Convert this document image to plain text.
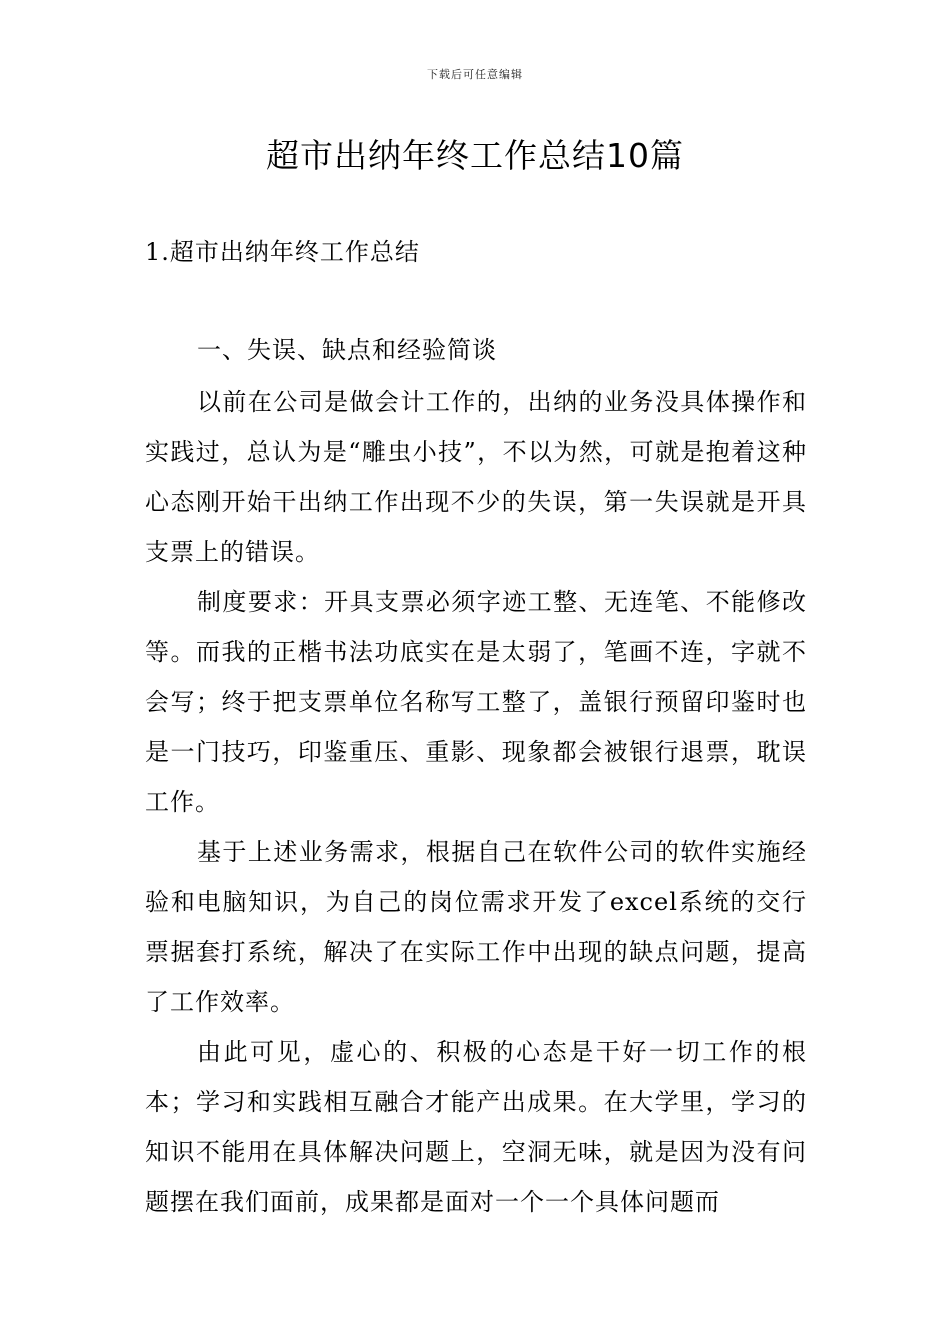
下载后可任意编辑
超市出纳年终工作总结10篇
1.超市出纳年终工作总结

一、失误、缺点和经验简谈

以前在公司是做会计工作的，出纳的业务没具体操作和实践过，总认为是“雕虫小技”，不以为然，可就是抱着这种心态刚开始干出纳工作出现不少的失误，第一失误就是开具支票上的错误。

制度要求：开具支票必须字迹工整、无连笔、不能修改等。而我的正楷书法功底实在是太弱了，笔画不连，字就不会写；终于把支票单位名称写工整了，盖银行预留印鉴时也是一门技巧，印鉴重压、重影、现象都会被银行退票，耽误工作。

基于上述业务需求，根据自己在软件公司的软件实施经验和电脑知识，为自己的岗位需求开发了excel系统的交行票据套打系统，解决了在实际工作中出现的缺点问题，提高了工作效率。

由此可见，虚心的、积极的心态是干好一切工作的根本；学习和实践相互融合才能产出成果。在大学里，学习的知识不能用在具体解决问题上，空洞无味，就是因为没有问题摆在我们面前，成果都是面对一个一个具体问题而
